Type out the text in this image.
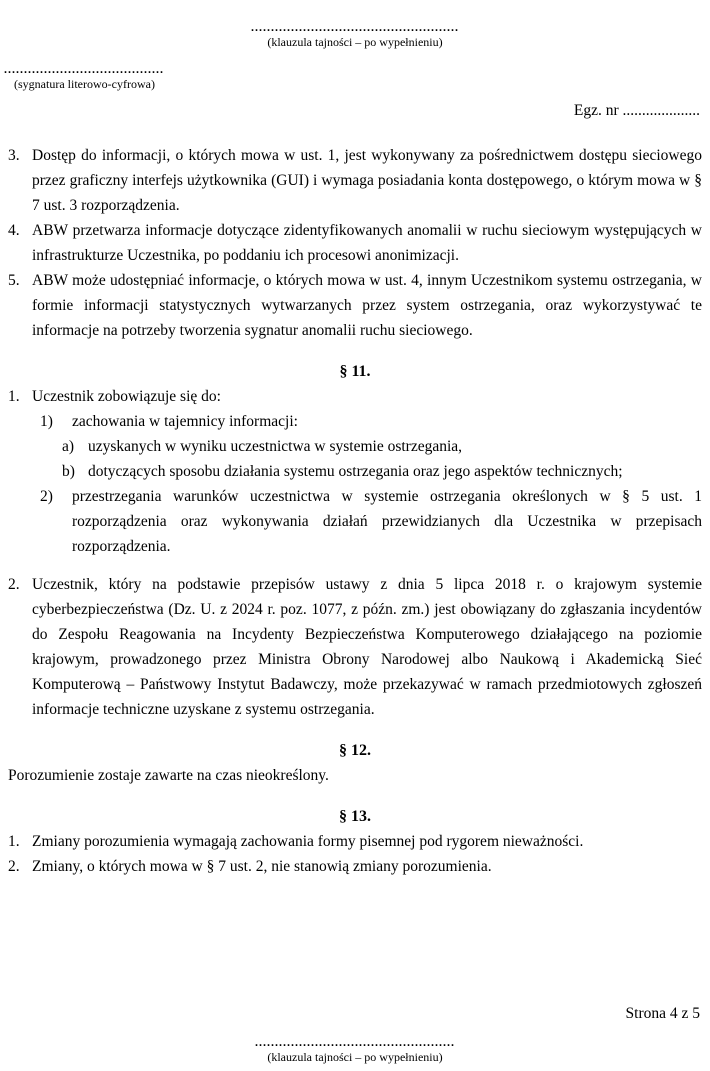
....................................................
(klauzula tajności – po wypełnieniu)
........................................
(sygnatura literowo-cyfrowa)
Egz. nr ....................
3. Dostęp do informacji, o których mowa w ust. 1, jest wykonywany za pośrednictwem dostępu sieciowego przez graficzny interfejs użytkownika (GUI) i wymaga posiadania konta dostępowego, o którym mowa w § 7 ust. 3 rozporządzenia.
4. ABW przetwarza informacje dotyczące zidentyfikowanych anomalii w ruchu sieciowym występujących w infrastrukturze Uczestnika, po poddaniu ich procesowi anonimizacji.
5. ABW może udostępniać informacje, o których mowa w ust. 4, innym Uczestnikom systemu ostrzegania, w formie informacji statystycznych wytwarzanych przez system ostrzegania, oraz wykorzystywać te informacje na potrzeby tworzenia sygnatur anomalii ruchu sieciowego.
§ 11.
1. Uczestnik zobowiązuje się do:
1)	zachowania w tajemnicy informacji:
a) uzyskanych w wyniku uczestnictwa w systemie ostrzegania,
b) dotyczących sposobu działania systemu ostrzegania oraz jego aspektów technicznych;
2)	przestrzegania warunków uczestnictwa w systemie ostrzegania określonych w § 5 ust. 1 rozporządzenia oraz wykonywania działań przewidzianych dla Uczestnika w przepisach rozporządzenia.
2. Uczestnik, który na podstawie przepisów ustawy z dnia 5 lipca 2018 r. o krajowym systemie cyberbezpieczeństwa (Dz. U. z 2024 r. poz. 1077, z późn. zm.) jest obowiązany do zgłaszania incydentów do Zespołu Reagowania na Incydenty Bezpieczeństwa Komputerowego działającego na poziomie krajowym, prowadzonego przez Ministra Obrony Narodowej albo Naukową i Akademicką Sieć Komputerową – Państwowy Instytut Badawczy, może przekazywać w ramach przedmiotowych zgłoszeń informacje techniczne uzyskane z systemu ostrzegania.
§ 12.
Porozumienie zostaje zawarte na czas nieokreślony.
§ 13.
1. Zmiany porozumienia wymagają zachowania formy pisemnej pod rygorem nieważności.
2. Zmiany, o których mowa w § 7 ust. 2, nie stanowią zmiany porozumienia.
Strona 4 z 5
..................................................
(klauzula tajności – po wypełnieniu)
